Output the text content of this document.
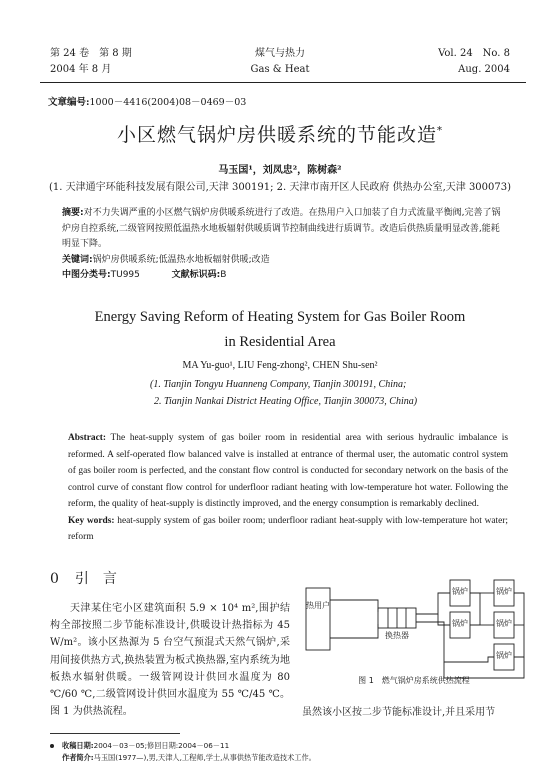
第 24 卷　第 8 期
2004 年 8 月
煤气与热力
Gas & Heat
Vol. 24　No. 8
Aug. 2004
文章编号:1000－4416(2004)08－0469－03
小区燃气锅炉房供暖系统的节能改造*
马玉国¹，刘凤忠²，陈树森²
(1. 天津通宇环能科技发展有限公司,天津 300191; 2. 天津市南开区人民政府 供热办公室,天津 300073)
摘要:对不力失调严重的小区燃气锅炉房供暖系统进行了改造。在热用户入口加装了自力式流量平衡阀,完善了锅炉房自控系统,二级管网按照低温热水地板辐射供暖质调节控制曲线进行质调节。改造后供热质量明显改善,能耗明显下降。
关键词:锅炉房供暖系统;低温热水地板辐射供暖;改造
中图分类号:TU995	文献标识码:B
Energy Saving Reform of Heating System for Gas Boiler Room
in Residential Area
MA Yu-guo¹, LIU Feng-zhong², CHEN Shu-sen²
(1. Tianjin Tongyu Huanneng Company, Tianjin 300191, China;
2. Tianjin Nankai District Heating Office, Tianjin 300073, China)
Abstract: The heat-supply system of gas boiler room in residential area with serious hydraulic imbalance is reformed. A self-operated flow balanced valve is installed at entrance of thermal user, the automatic control system of gas boiler room is perfected, and the constant flow control is conducted for secondary network on the basis of the control curve of constant flow control for underfloor radiant heating with low-temperature hot water. Following the reform, the quality of heat-supply is distinctly improved, and the energy consumption is remarkably declined.
Key words: heat-supply system of gas boiler room; underfloor radiant heat-supply with low-temperature hot water; reform
0 引　言

天津某住宅小区建筑面积 5.9 × 10⁴ m²,围护结构全部按照二步节能标准设计,供暖设计热指标为 45 W/m²。该小区热源为 5 台空气预混式天然气锅炉,采用间接供热方式,换热装置为板式换热器,室内系统为地板热水辐射供暖。一级管网设计供回水温度为 80 ℃/60 ℃,二级管网设计供回水温度为 55 ℃/45 ℃。图 1 为供热流程。

热用户
换热器
锅炉
锅炉
锅炉
锅炉
锅炉
图 1　燃气锅炉房系统供热流程
虽然该小区按二步节能标准设计,并且采用节
收稿日期:2004－03－05;修回日期:2004－06－11
作者简介:马玉国(1977—),男,天津人,工程师,学士,从事供热节能改造技术工作。
